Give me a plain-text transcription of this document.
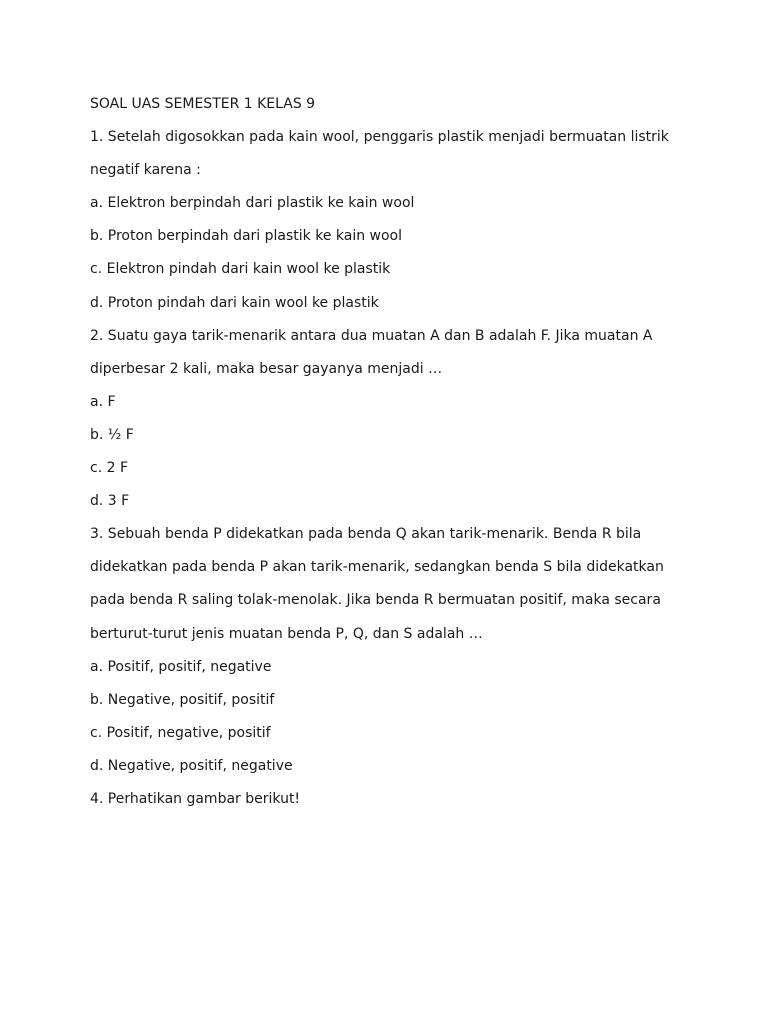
SOAL UAS SEMESTER 1 KELAS 9
1. Setelah digosokkan pada kain wool, penggaris plastik menjadi bermuatan listrik
negatif karena :
a. Elektron berpindah dari plastik ke kain wool
b. Proton berpindah dari plastik ke kain wool
c. Elektron pindah dari kain wool ke plastik
d. Proton pindah dari kain wool ke plastik
2. Suatu gaya tarik-menarik antara dua muatan A dan B adalah F. Jika muatan A
diperbesar 2 kali, maka besar gayanya menjadi …
a. F
b. ½ F
c. 2 F
d. 3 F
3. Sebuah benda P didekatkan pada benda Q akan tarik-menarik. Benda R bila
didekatkan pada benda P akan tarik-menarik, sedangkan benda S bila didekatkan
pada benda R saling tolak-menolak. Jika benda R bermuatan positif, maka secara
berturut-turut jenis muatan benda P, Q, dan S adalah …
a. Positif, positif, negative
b. Negative, positif, positif
c. Positif, negative, positif
d. Negative, positif, negative
4. Perhatikan gambar berikut!
